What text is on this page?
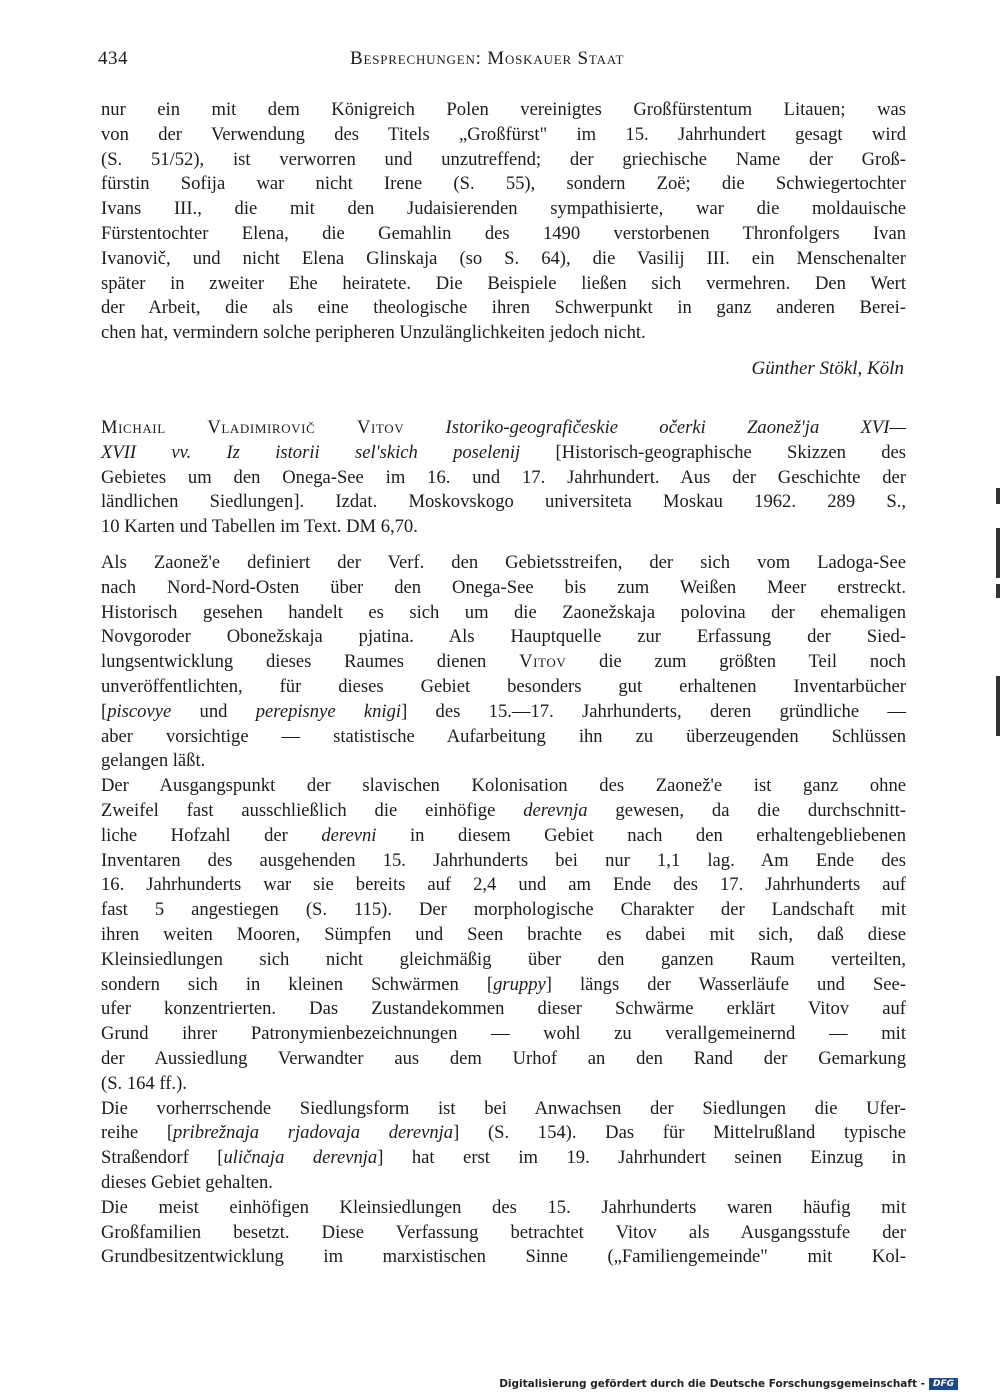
434	Besprechungen: Moskauer Staat
nur ein mit dem Königreich Polen vereinigtes Großfürstentum Litauen; was
von der Verwendung des Titels „Großfürst" im 15. Jahrhundert gesagt wird
(S. 51/52), ist verworren und unzutreffend; der griechische Name der Groß-
fürstin Sofija war nicht Irene (S. 55), sondern Zoë; die Schwiegertochter
Ivans III., die mit den Judaisierenden sympathisierte, war die moldauische
Fürstentochter Elena, die Gemahlin des 1490 verstorbenen Thronfolgers Ivan
Ivanovič, und nicht Elena Glinskaja (so S. 64), die Vasilij III. ein Menschenalter
später in zweiter Ehe heiratete. Die Beispiele ließen sich vermehren. Den Wert
der Arbeit, die als eine theologische ihren Schwerpunkt in ganz anderen Berei-
chen hat, vermindern solche peripheren Unzulänglichkeiten jedoch nicht.
Günther Stökl, Köln
Michail Vladimirovič Vitov Istoriko-geografičeskie očerki Zaonež'ja XVI—
XVII vv. Iz istorii sel'skich poselenij [Historisch-geographische Skizzen des
Gebietes um den Onega-See im 16. und 17. Jahrhundert. Aus der Geschichte der
ländlichen Siedlungen]. Izdat. Moskovskogo universiteta Moskau 1962. 289 S.,
10 Karten und Tabellen im Text. DM 6,70.
Als Zaonež'e definiert der Verf. den Gebietsstreifen, der sich vom Ladoga-See
nach Nord-Nord-Osten über den Onega-See bis zum Weißen Meer erstreckt.
Historisch gesehen handelt es sich um die Zaonežskaja polovina der ehemaligen
Novgoroder Obonežskaja pjatina. Als Hauptquelle zur Erfassung der Sied-
lungsentwicklung dieses Raumes dienen Vitov die zum größten Teil noch
unveröffentlichten, für dieses Gebiet besonders gut erhaltenen Inventarbücher
[piscovye und perepisnye knigi] des 15.—17. Jahrhunderts, deren gründliche —
aber vorsichtige — statistische Aufarbeitung ihn zu überzeugenden Schlüssen
gelangen läßt.
Der Ausgangspunkt der slavischen Kolonisation des Zaonež'e ist ganz ohne
Zweifel fast ausschließlich die einhöfige derevnja gewesen, da die durchschnitt-
liche Hofzahl der derevni in diesem Gebiet nach den erhaltengebliebenen
Inventaren des ausgehenden 15. Jahrhunderts bei nur 1,1 lag. Am Ende des
16. Jahrhunderts war sie bereits auf 2,4 und am Ende des 17. Jahrhunderts auf
fast 5 angestiegen (S. 115). Der morphologische Charakter der Landschaft mit
ihren weiten Mooren, Sümpfen und Seen brachte es dabei mit sich, daß diese
Kleinsiedlungen sich nicht gleichmäßig über den ganzen Raum verteilten,
sondern sich in kleinen Schwärmen [gruppy] längs der Wasserläufe und See-
ufer konzentrierten. Das Zustandekommen dieser Schwärme erklärt Vitov auf
Grund ihrer Patronymienbezeichnungen — wohl zu verallgemeinernd — mit
der Aussiedlung Verwandter aus dem Urhof an den Rand der Gemarkung
(S. 164 ff.).
Die vorherrschende Siedlungsform ist bei Anwachsen der Siedlungen die Ufer-
reihe [pribrežnaja rjadovaja derevnja] (S. 154). Das für Mittelrußland typische
Straßendorf [uličnaja derevnja] hat erst im 19. Jahrhundert seinen Einzug in
dieses Gebiet gehalten.
Die meist einhöfigen Kleinsiedlungen des 15. Jahrhunderts waren häufig mit
Großfamilien besetzt. Diese Verfassung betrachtet Vitov als Ausgangsstufe der
Grundbesitzentwicklung im marxistischen Sinne („Familiengemeinde" mit Kol-
Digitalisierung gefördert durch die Deutsche Forschungsgemeinschaft - DFG
